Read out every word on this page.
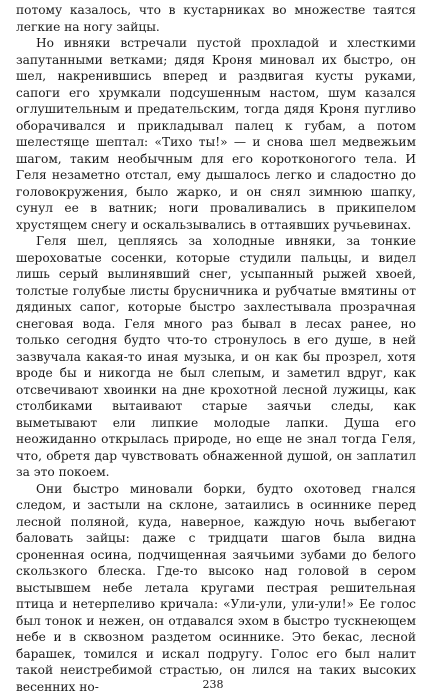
потому казалось, что в кустарниках во множестве таятся легкие на ногу зайцы.

Но ивняки встречали пустой прохладой и хлесткими запутанными ветками; дядя Кроня миновал их быстро, он шел, накренившись вперед и раздвигая кусты руками, сапоги его хрумкали подсушенным настом, шум казался оглушительным и предательским, тогда дядя Кроня пугливо оборачивался и прикладывал палец к губам, а потом шелестяще шептал: «Тихо ты!» — и снова шел медвежьим шагом, таким необычным для его коротконогого тела. И Геля незаметно отстал, ему дышалось легко и сладостно до головокружения, было жарко, и он снял зимнюю шапку, сунул ее в ватник; ноги проваливались в прикипелом хрустящем снегу и оскальзывались в оттаявших ручьевинах.

Геля шел, цепляясь за холодные ивняки, за тонкие шероховатые сосенки, которые студили пальцы, и видел лишь серый вылинявший снег, усыпанный рыжей хвоей, толстые голубые листы брусничника и рубчатые вмятины от дядиных сапог, которые быстро захлестывала прозрачная снеговая вода. Геля много раз бывал в лесах ранее, но только сегодня будто что-то стронулось в его душе, в ней зазвучала какая-то иная музыка, и он как бы прозрел, хотя вроде бы и никогда не был слепым, и заметил вдруг, как отсвечивают хвоинки на дне крохотной лесной лужицы, как столбиками вытаивают старые заячьи следы, как выметывают ели липкие молодые лапки. Душа его неожиданно открылась природе, но еще не знал тогда Геля, что, обретя дар чувствовать обнаженной душой, он заплатил за это покоем.

Они быстро миновали борки, будто охотовед гнался следом, и застыли на склоне, затаились в осиннике перед лесной поляной, куда, наверное, каждую ночь выбегают баловать зайцы: даже с тридцати шагов была видна сроненная осина, подчищенная заячьими зубами до белого скользкого блеска. Где-то высоко над головой в сером выстывшем небе летала кругами пестрая решительная птица и нетерпеливо кричала: «Ули-ули, ули-ули!» Ее голос был тонок и нежен, он отдавался эхом в быстро тускнеющем небе и в сквозном раздетом осиннике. Это бекас, лесной барашек, томился и искал подругу. Голос его был налит такой неистребимой страстью, он лился на таких высоких весенних но-	238
